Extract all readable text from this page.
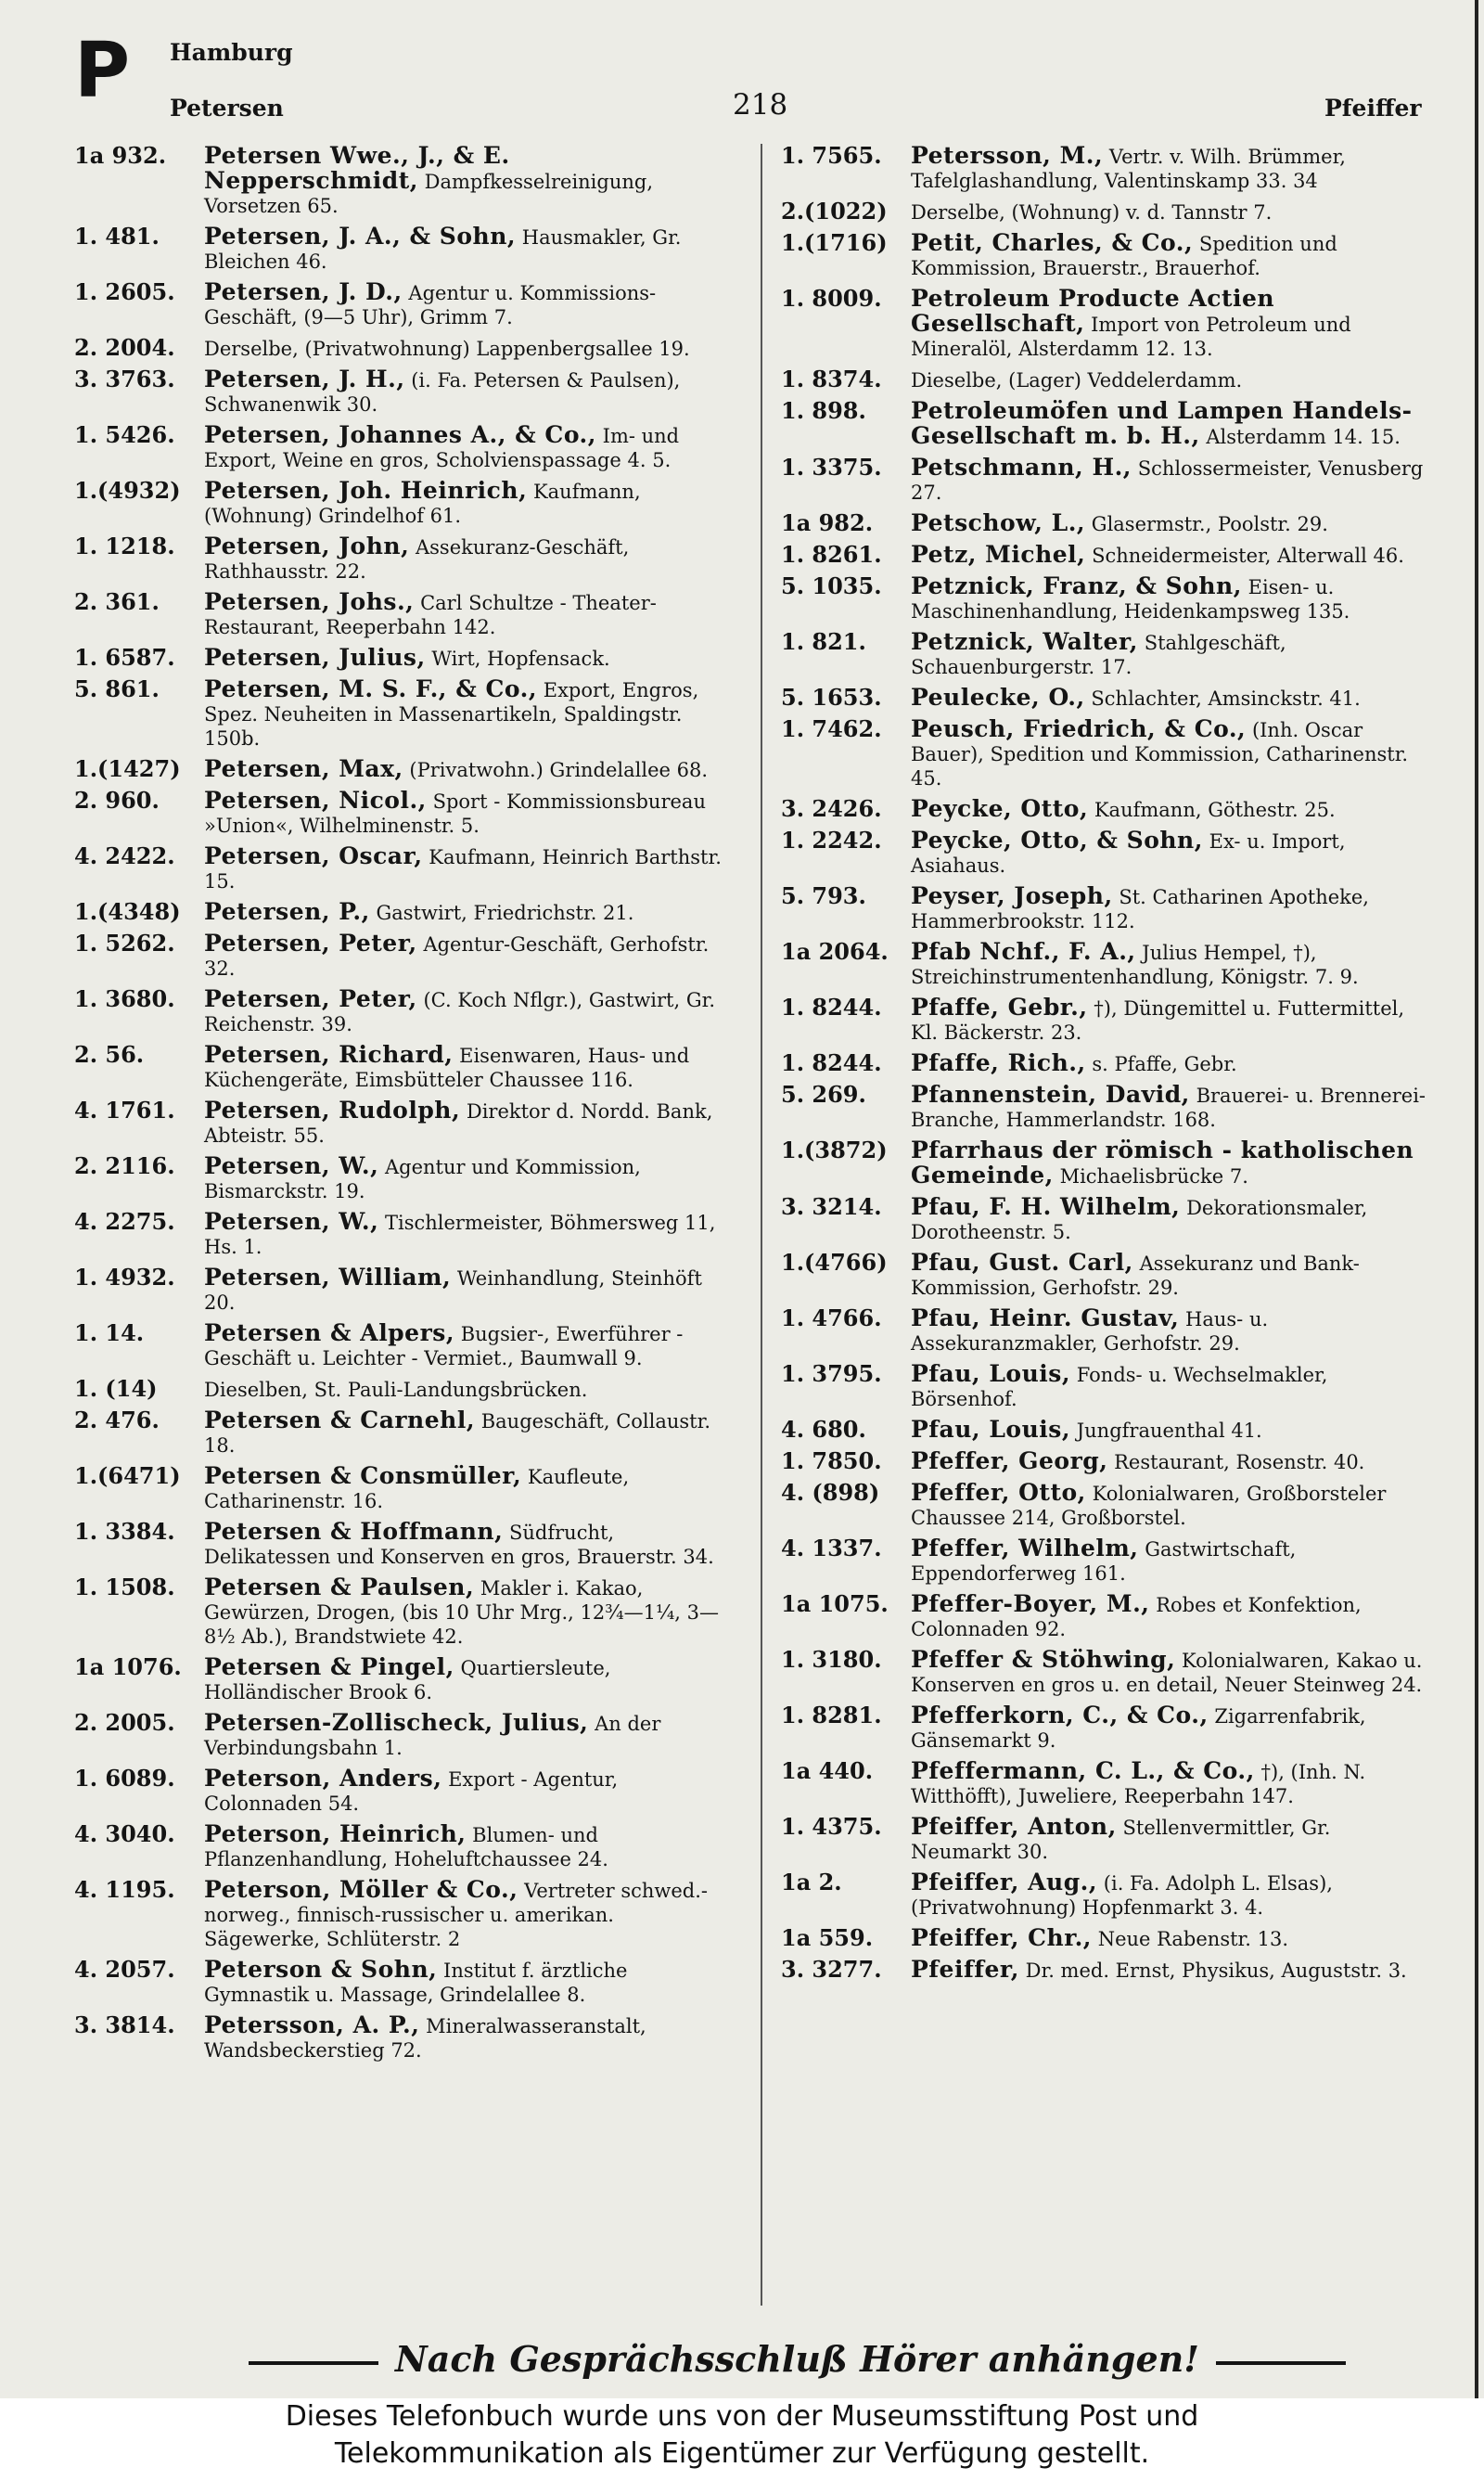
P Hamburg
Petersen	218	Pfeiffer
1a 932.	Petersen Wwe., J., & E. Nepperschmidt, Dampfkesselreinigung, Vorsetzen 65.
1. 481.	Petersen, J. A., & Sohn, Hausmakler, Gr. Bleichen 46.
1. 2605.	Petersen, J. D., Agentur u. Kommissions-Geschäft, (9—5 Uhr), Grimm 7.
2. 2004.	Derselbe, (Privatwohnung) Lappenbergsallee 19.
3. 3763.	Petersen, J. H., (i. Fa. Petersen & Paulsen), Schwanenwik 30.
1. 5426.	Petersen, Johannes A., & Co., Im- und Export, Weine en gros, Scholvienspassage 4. 5.
1.(4932)	Petersen, Joh. Heinrich, Kaufmann, (Wohnung) Grindelhof 61.
1. 1218.	Petersen, John, Assekuranz-Geschäft, Rathhausstr. 22.
2. 361.	Petersen, Johs., Carl Schultze - Theater-Restaurant, Reeperbahn 142.
1. 6587.	Petersen, Julius, Wirt, Hopfensack.
5. 861.	Petersen, M. S. F., & Co., Export, Engros, Spez. Neuheiten in Massenartikeln, Spaldingstr. 150b.
1.(1427)	Petersen, Max, (Privatwohn.) Grindelallee 68.
2. 960.	Petersen, Nicol., Sport - Kommissionsbureau »Union«, Wilhelminenstr. 5.
4. 2422.	Petersen, Oscar, Kaufmann, Heinrich Barthstr. 15.
1.(4348)	Petersen, P., Gastwirt, Friedrichstr. 21.
1. 5262.	Petersen, Peter, Agentur-Geschäft, Gerhofstr. 32.
1. 3680.	Petersen, Peter, (C. Koch Nflgr.), Gastwirt, Gr. Reichenstr. 39.
2. 56.	Petersen, Richard, Eisenwaren, Haus- und Küchengeräte, Eimsbütteler Chaussee 116.
4. 1761.	Petersen, Rudolph, Direktor d. Nordd. Bank, Abteistr. 55.
2. 2116.	Petersen, W., Agentur und Kommission, Bismarckstr. 19.
4. 2275.	Petersen, W., Tischlermeister, Böhmersweg 11, Hs. 1.
1. 4932.	Petersen, William, Weinhandlung, Steinhöft 20.
1. 14.	Petersen & Alpers, Bugsier-, Ewerführer - Geschäft u. Leichter - Vermiet., Baumwall 9.
1. (14)	Dieselben, St. Pauli-Landungsbrücken.
2. 476.	Petersen & Carnehl, Baugeschäft, Collaustr. 18.
1.(6471)	Petersen & Consmüller, Kaufleute, Catharinenstr. 16.
1. 3384.	Petersen & Hoffmann, Südfrucht, Delikatessen und Konserven en gros, Brauerstr. 34.
1. 1508.	Petersen & Paulsen, Makler i. Kakao, Gewürzen, Drogen, (bis 10 Uhr Mrg., 12¾—1¼, 3—8½ Ab.), Brandstwiete 42.
1a 1076. Petersen & Pingel, Quartiersleute, Holländischer Brook 6.
2. 2005.	Petersen-Zollischeck, Julius, An der Verbindungsbahn 1.
1. 6089.	Peterson, Anders, Export - Agentur, Colonnaden 54.
4. 3040.	Peterson, Heinrich, Blumen- und Pflanzenhandlung, Hoheluftchaussee 24.
4. 1195.	Peterson, Möller & Co., Vertreter schwed.-norweg., finnisch-russischer u. amerikan. Sägewerke, Schlüterstr. 2
4. 2057.	Peterson & Sohn, Institut f. ärztliche Gymnastik u. Massage, Grindelallee 8.
3. 3814.	Petersson, A. P., Mineralwasseranstalt, Wandsbeckerstieg 72.
1. 7565.	Petersson, M., Vertr. v. Wilh. Brümmer, Tafelglashandlung, Valentinskamp 33. 34
2.(1022)	Derselbe, (Wohnung) v. d. Tannstr 7.
1.(1716)	Petit, Charles, & Co., Spedition und Kommission, Brauerstr., Brauerhof.
1. 8009.	Petroleum Producte Actien Gesellschaft, Import von Petroleum und Mineralöl, Alsterdamm 12. 13.
1. 8374.	Dieselbe, (Lager) Veddelerdamm.
1. 898.	Petroleumöfen und Lampen Handels-Gesellschaft m. b. H., Alsterdamm 14. 15.
1. 3375.	Petschmann, H., Schlossermeister, Venusberg 27.
1a 982.	Petschow, L., Glasermstr., Poolstr. 29.
1. 8261.	Petz, Michel, Schneidermeister, Alterwall 46.
5. 1035.	Petznick, Franz, & Sohn, Eisen- u. Maschinenhandlung, Heidenkampsweg 135.
1. 821.	Petznick, Walter, Stahlgeschäft, Schauenburgerstr. 17.
5. 1653.	Peulecke, O., Schlachter, Amsinckstr. 41.
1. 7462.	Peusch, Friedrich, & Co., (Inh. Oscar Bauer), Spedition und Kommission, Catharinenstr. 45.
3. 2426.	Peycke, Otto, Kaufmann, Göthestr. 25.
1. 2242.	Peycke, Otto, & Sohn, Ex- u. Import, Asiahaus.
5. 793.	Peyser, Joseph, St. Catharinen Apotheke, Hammerbrookstr. 112.
1a 2064. Pfab Nchf., F. A., Julius Hempel, †), Streichinstrumentenhandlung, Königstr. 7. 9.
1. 8244.	Pfaffe, Gebr., †), Düngemittel u. Futtermittel, Kl. Bäckerstr. 23.
1. 8244.	Pfaffe, Rich., s. Pfaffe, Gebr.
5. 269.	Pfannenstein, David, Brauerei- u. Brennerei-Branche, Hammerlandstr. 168.
1.(3872)	Pfarrhaus der römisch - katholischen Gemeinde, Michaelisbrücke 7.
3. 3214.	Pfau, F. H. Wilhelm, Dekorationsmaler, Dorotheenstr. 5.
1.(4766)	Pfau, Gust. Carl, Assekuranz und Bank-Kommission, Gerhofstr. 29.
1. 4766.	Pfau, Heinr. Gustav, Haus- u. Assekuranzmakler, Gerhofstr. 29.
1. 3795.	Pfau, Louis, Fonds- u. Wechselmakler, Börsenhof.
4. 680.	Pfau, Louis, Jungfrauenthal 41.
1. 7850.	Pfeffer, Georg, Restaurant, Rosenstr. 40.
4. (898)	Pfeffer, Otto, Kolonialwaren, Großborsteler Chaussee 214, Großborstel.
4. 1337.	Pfeffer, Wilhelm, Gastwirtschaft, Eppendorferweg 161.
1a 1075. Pfeffer-Boyer, M., Robes et Konfektion, Colonnaden 92.
1. 3180.	Pfeffer & Stöhwing, Kolonialwaren, Kakao u. Konserven en gros u. en detail, Neuer Steinweg 24.
1. 8281.	Pfefferkorn, C., & Co., Zigarrenfabrik, Gänsemarkt 9.
1a 440.	Pfeffermann, C. L., & Co., †), (Inh. N. Witthöfft), Juweliere, Reeperbahn 147.
1. 4375.	Pfeiffer, Anton, Stellenvermittler, Gr. Neumarkt 30.
1a 2.	Pfeiffer, Aug., (i. Fa. Adolph L. Elsas), (Privatwohnung) Hopfenmarkt 3. 4.
1a 559.	Pfeiffer, Chr., Neue Rabenstr. 13.
3. 3277.	Pfeiffer, Dr. med. Ernst, Physikus, Auguststr. 3.
Nach Gesprächsschluß Hörer anhängen!
Dieses Telefonbuch wurde uns von der Museumsstiftung Post und
Telekommunikation als Eigentümer zur Verfügung gestellt.
